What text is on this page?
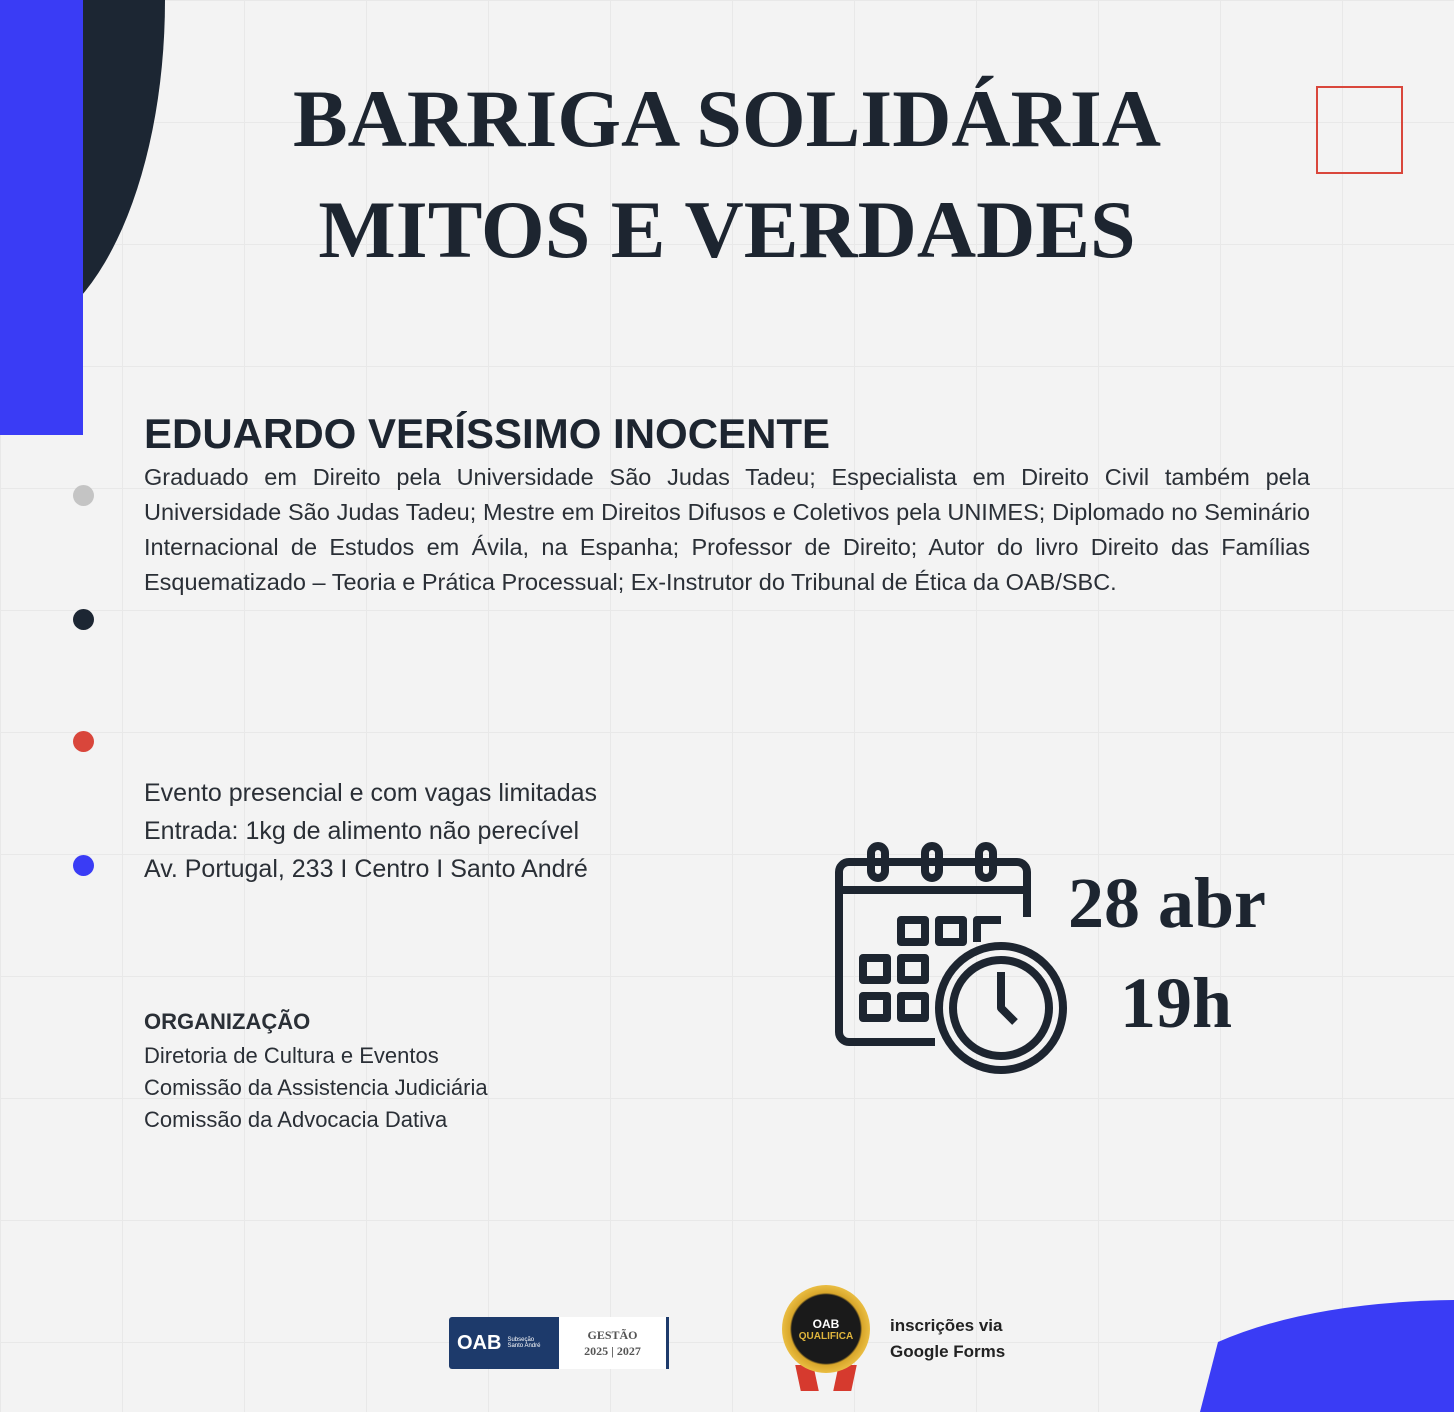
BARRIGA SOLIDÁRIA
MITOS E VERDADES
EDUARDO VERÍSSIMO INOCENTE
Graduado em Direito pela Universidade São Judas Tadeu; Especialista em Direito Civil também pela Universidade São Judas Tadeu; Mestre em Direitos Difusos e Coletivos pela UNIMES; Diplomado no Seminário Internacional de Estudos em Ávila, na Espanha; Professor de Direito; Autor do livro Direito das Famílias Esquematizado – Teoria e Prática Processual; Ex-Instrutor do Tribunal de Ética da OAB/SBC.
Evento presencial e com vagas limitadas
Entrada: 1kg de alimento não perecível
Av. Portugal, 233 I Centro I Santo André
ORGANIZAÇÃO
Diretoria de Cultura e Eventos
Comissão da Assistencia Judiciária
Comissão da Advocacia Dativa
28 abr
19h
OAB Subseção Santo André
GESTÃO
2025 | 2027
OAB
QUALIFICA
inscrições via
Google Forms
